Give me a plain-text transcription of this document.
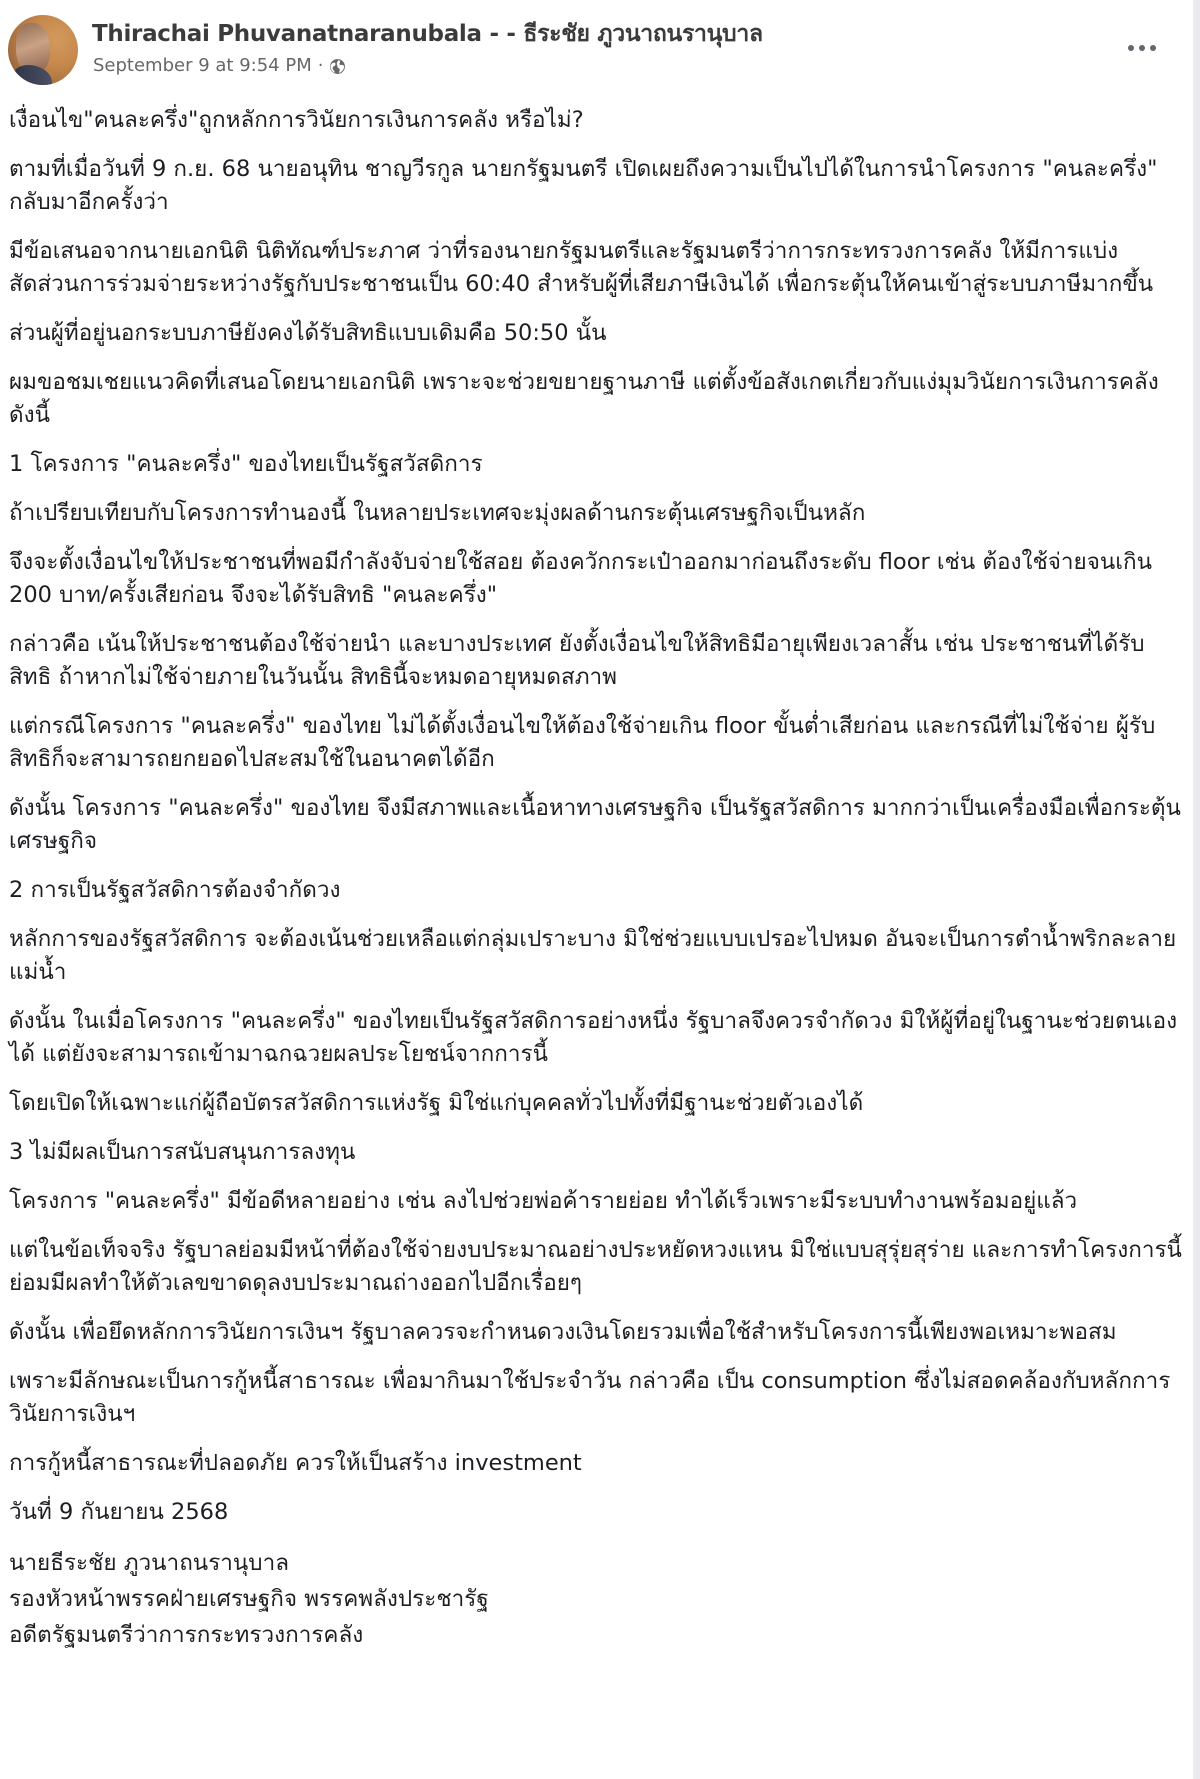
Thirachai Phuvanatnaranubala - - ธีระชัย ภูวนาถนรานุบาล
September 9 at 9:54 PM ·

เงื่อนไข"คนละครึ่ง"ถูกหลักการวินัยการเงินการคลัง หรือไม่?

ตามที่เมื่อวันที่ 9 ก.ย. 68 นายอนุทิน ชาญวีรกูล นายกรัฐมนตรี เปิดเผยถึงความเป็นไปได้ในการนำโครงการ "คนละครึ่ง" กลับมาอีกครั้งว่า

มีข้อเสนอจากนายเอกนิติ นิติทัณฑ์ประภาศ ว่าที่รองนายกรัฐมนตรีและรัฐมนตรีว่าการกระทรวงการคลัง ให้มีการแบ่งสัดส่วนการร่วมจ่ายระหว่างรัฐกับประชาชนเป็น 60:40 สำหรับผู้ที่เสียภาษีเงินได้ เพื่อกระตุ้นให้คนเข้าสู่ระบบภาษีมากขึ้น

ส่วนผู้ที่อยู่นอกระบบภาษียังคงได้รับสิทธิแบบเดิมคือ 50:50 นั้น

ผมขอชมเชยแนวคิดที่เสนอโดยนายเอกนิติ เพราะจะช่วยขยายฐานภาษี แต่ตั้งข้อสังเกตเกี่ยวกับแง่มุมวินัยการเงินการคลัง ดังนี้

1 โครงการ "คนละครึ่ง" ของไทยเป็นรัฐสวัสดิการ

ถ้าเปรียบเทียบกับโครงการทำนองนี้ ในหลายประเทศจะมุ่งผลด้านกระตุ้นเศรษฐกิจเป็นหลัก

จึงจะตั้งเงื่อนไขให้ประชาชนที่พอมีกำลังจับจ่ายใช้สอย ต้องควักกระเป๋าออกมาก่อนถึงระดับ floor เช่น ต้องใช้จ่ายจนเกิน 200 บาท/ครั้งเสียก่อน จึงจะได้รับสิทธิ "คนละครึ่ง"

กล่าวคือ เน้นให้ประชาชนต้องใช้จ่ายนำ และบางประเทศ ยังตั้งเงื่อนไขให้สิทธิมีอายุเพียงเวลาสั้น เช่น ประชาชนที่ได้รับสิทธิ ถ้าหากไม่ใช้จ่ายภายในวันนั้น สิทธินี้จะหมดอายุหมดสภาพ

แต่กรณีโครงการ "คนละครึ่ง" ของไทย ไม่ได้ตั้งเงื่อนไขให้ต้องใช้จ่ายเกิน floor ขั้นต่ำเสียก่อน และกรณีที่ไม่ใช้จ่าย ผู้รับสิทธิก็จะสามารถยกยอดไปสะสมใช้ในอนาคตได้อีก

ดังนั้น โครงการ "คนละครึ่ง" ของไทย จึงมีสภาพและเนื้อหาทางเศรษฐกิจ เป็นรัฐสวัสดิการ มากกว่าเป็นเครื่องมือเพื่อกระตุ้นเศรษฐกิจ

2 การเป็นรัฐสวัสดิการต้องจำกัดวง

หลักการของรัฐสวัสดิการ จะต้องเน้นช่วยเหลือแต่กลุ่มเปราะบาง มิใช่ช่วยแบบเปรอะไปหมด อันจะเป็นการตำน้ำพริกละลายแม่น้ำ

ดังนั้น ในเมื่อโครงการ "คนละครึ่ง" ของไทยเป็นรัฐสวัสดิการอย่างหนึ่ง รัฐบาลจึงควรจำกัดวง มิให้ผู้ที่อยู่ในฐานะช่วยตนเองได้ แต่ยังจะสามารถเข้ามาฉกฉวยผลประโยชน์จากการนี้

โดยเปิดให้เฉพาะแก่ผู้ถือบัตรสวัสดิการแห่งรัฐ มิใช่แก่บุคคลทั่วไปทั้งที่มีฐานะช่วยตัวเองได้

3 ไม่มีผลเป็นการสนับสนุนการลงทุน

โครงการ "คนละครึ่ง" มีข้อดีหลายอย่าง เช่น ลงไปช่วยพ่อค้ารายย่อย ทำได้เร็วเพราะมีระบบทำงานพร้อมอยู่แล้ว

แต่ในข้อเท็จจริง รัฐบาลย่อมมีหน้าที่ต้องใช้จ่ายงบประมาณอย่างประหยัดหวงแหน มิใช่แบบสุรุ่ยสุร่าย และการทำโครงการนี้ย่อมมีผลทำให้ตัวเลขขาดดุลงบประมาณถ่างออกไปอีกเรื่อยๆ

ดังนั้น เพื่อยึดหลักการวินัยการเงินฯ รัฐบาลควรจะกำหนดวงเงินโดยรวมเพื่อใช้สำหรับโครงการนี้เพียงพอเหมาะพอสม

เพราะมีลักษณะเป็นการกู้หนี้สาธารณะ เพื่อมากินมาใช้ประจำวัน กล่าวคือ เป็น consumption ซึ่งไม่สอดคล้องกับหลักการวินัยการเงินฯ

การกู้หนี้สาธารณะที่ปลอดภัย ควรให้เป็นสร้าง investment

วันที่ 9 กันยายน 2568

นายธีระชัย ภูวนาถนรานุบาล
รองหัวหน้าพรรคฝ่ายเศรษฐกิจ พรรคพลังประชารัฐ
อดีตรัฐมนตรีว่าการกระทรวงการคลัง
